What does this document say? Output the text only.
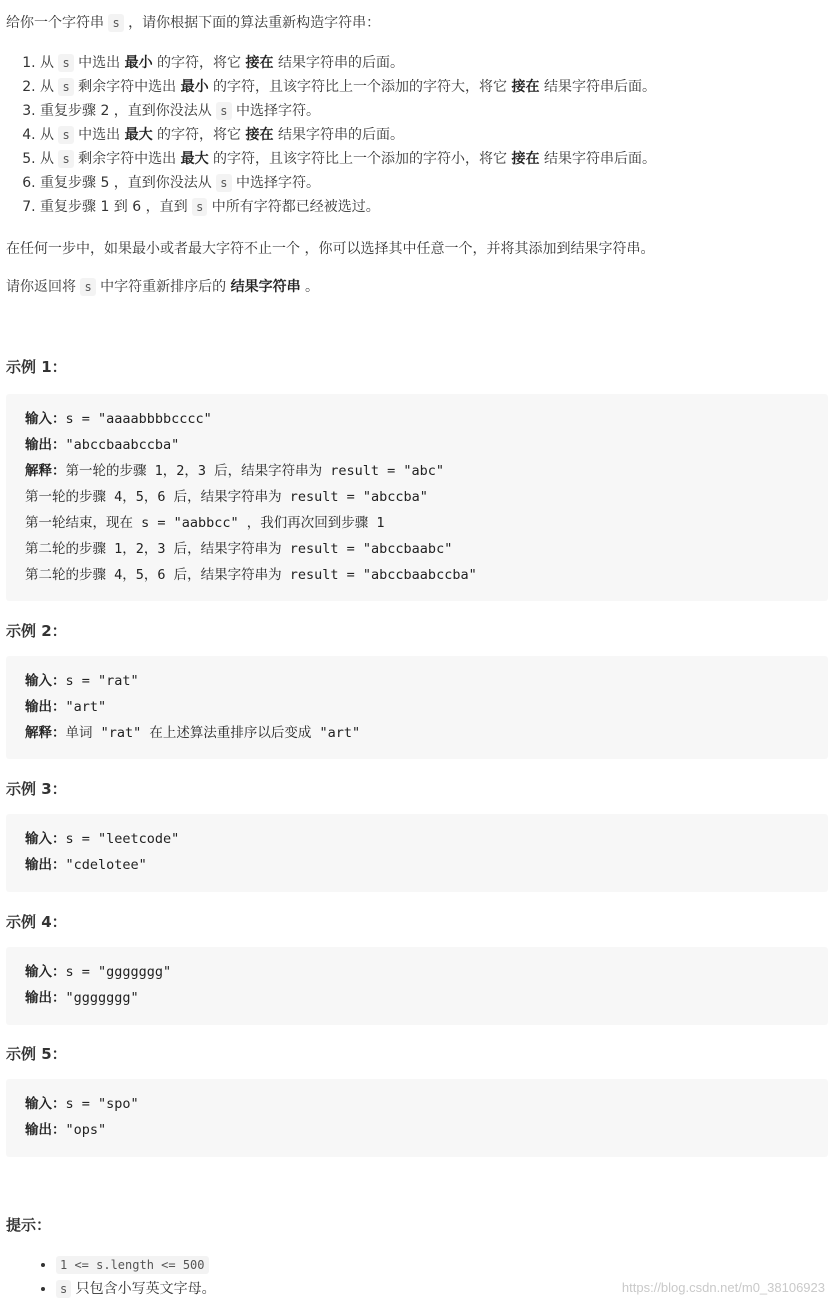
给你一个字符串 s ，请你根据下面的算法重新构造字符串：
1. 从 s 中选出 最小 的字符，将它 接在 结果字符串的后面。
2. 从 s 剩余字符中选出 最小 的字符，且该字符比上一个添加的字符大，将它 接在 结果字符串后面。
3. 重复步骤 2 ，直到你没法从 s 中选择字符。
4. 从 s 中选出 最大 的字符，将它 接在 结果字符串的后面。
5. 从 s 剩余字符中选出 最大 的字符，且该字符比上一个添加的字符小，将它 接在 结果字符串后面。
6. 重复步骤 5 ，直到你没法从 s 中选择字符。
7. 重复步骤 1 到 6 ，直到 s 中所有字符都已经被选过。
在任何一步中，如果最小或者最大字符不止一个 ，你可以选择其中任意一个，并将其添加到结果字符串。
请你返回将 s 中字符重新排序后的 结果字符串 。
示例 1：
输入：s = "aaaabbbbcccc"
输出："abccbaabccba"
解释：第一轮的步骤 1，2，3 后，结果字符串为 result = "abc"
第一轮的步骤 4，5，6 后，结果字符串为 result = "abccba"
第一轮结束，现在 s = "aabbcc" ，我们再次回到步骤 1
第二轮的步骤 1，2，3 后，结果字符串为 result = "abccbaabc"
第二轮的步骤 4，5，6 后，结果字符串为 result = "abccbaabccba"
示例 2：
输入：s = "rat"
输出："art"
解释：单词 "rat" 在上述算法重排序以后变成 "art"
示例 3：
输入：s = "leetcode"
输出："cdelotee"
示例 4：
输入：s = "ggggggg"
输出："ggggggg"
示例 5：
输入：s = "spo"
输出："ops"
提示：
• 1 <= s.length <= 500
• s 只包含小写英文字母。	https://blog.csdn.net/m0_38106923
